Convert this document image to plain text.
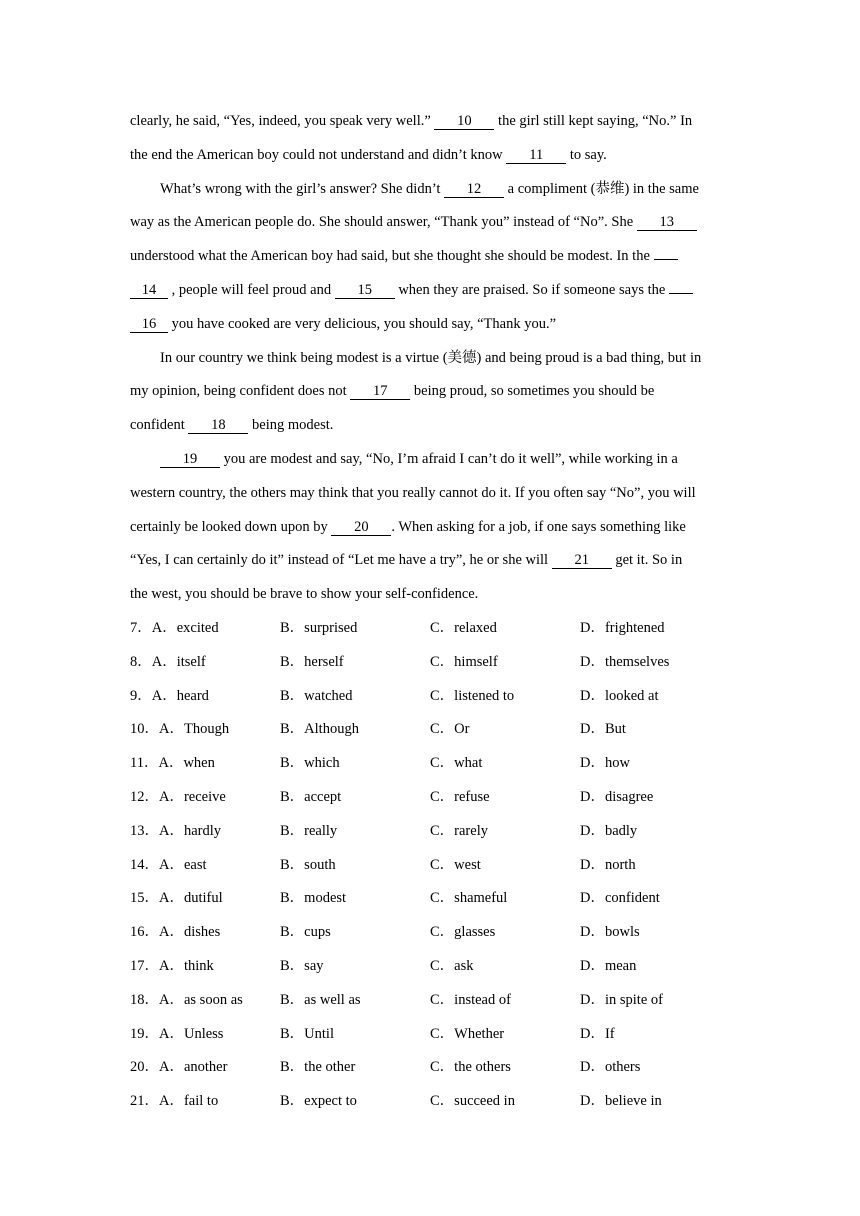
clearly, he said, “Yes, indeed, you speak very well.” 10 the girl still kept saying, “No.” In
the end the American boy could not understand and didn’t know 11 to say.
What’s wrong with the girl’s answer? She didn’t 12 a compliment (恭维) in the same
way as the American people do. She should answer, “Thank you” instead of “No”. She 13
understood what the American boy had said, but she thought she should be modest. In the
14 , people will feel proud and 15 when they are praised. So if someone says the
16 you have cooked are very delicious, you should say, “Thank you.”
In our country we think being modest is a virtue (美德) and being proud is a bad thing, but in
my opinion, being confident does not 17 being proud, so sometimes you should be
confident 18 being modest.
19 you are modest and say, “No, I’m afraid I can’t do it well”, while working in a
western country, the others may think that you really cannot do it. If you often say “No”, you will
certainly be looked down upon by 20 . When asking for a job, if one says something like
“Yes, I can certainly do it” instead of “Let me have a try”, he or she will 21 get it. So in
the west, you should be brave to show your self-confidence.
7．A．excited	B．surprised	C．relaxed	D．frightened
8．A．itself	B．herself	C．himself	D．themselves
9．A．heard	B．watched	C．listened to	D．looked at
10．A．Though	B．Although	C．Or	D．But
11．A．when	B．which	C．what	D．how
12．A．receive	B．accept	C．refuse	D．disagree
13．A．hardly	B．really	C．rarely	D．badly
14．A．east	B．south	C．west	D．north
15．A．dutiful	B．modest	C．shameful	D．confident
16．A．dishes	B．cups	C．glasses	D．bowls
17．A．think	B．say	C．ask	D．mean
18．A．as soon as	B．as well as	C．instead of	D．in spite of
19．A．Unless	B．Until	C．Whether	D．If
20．A．another	B．the other	C．the others	D．others
21．A．fail to	B．expect to	C．succeed in	D．believe in
